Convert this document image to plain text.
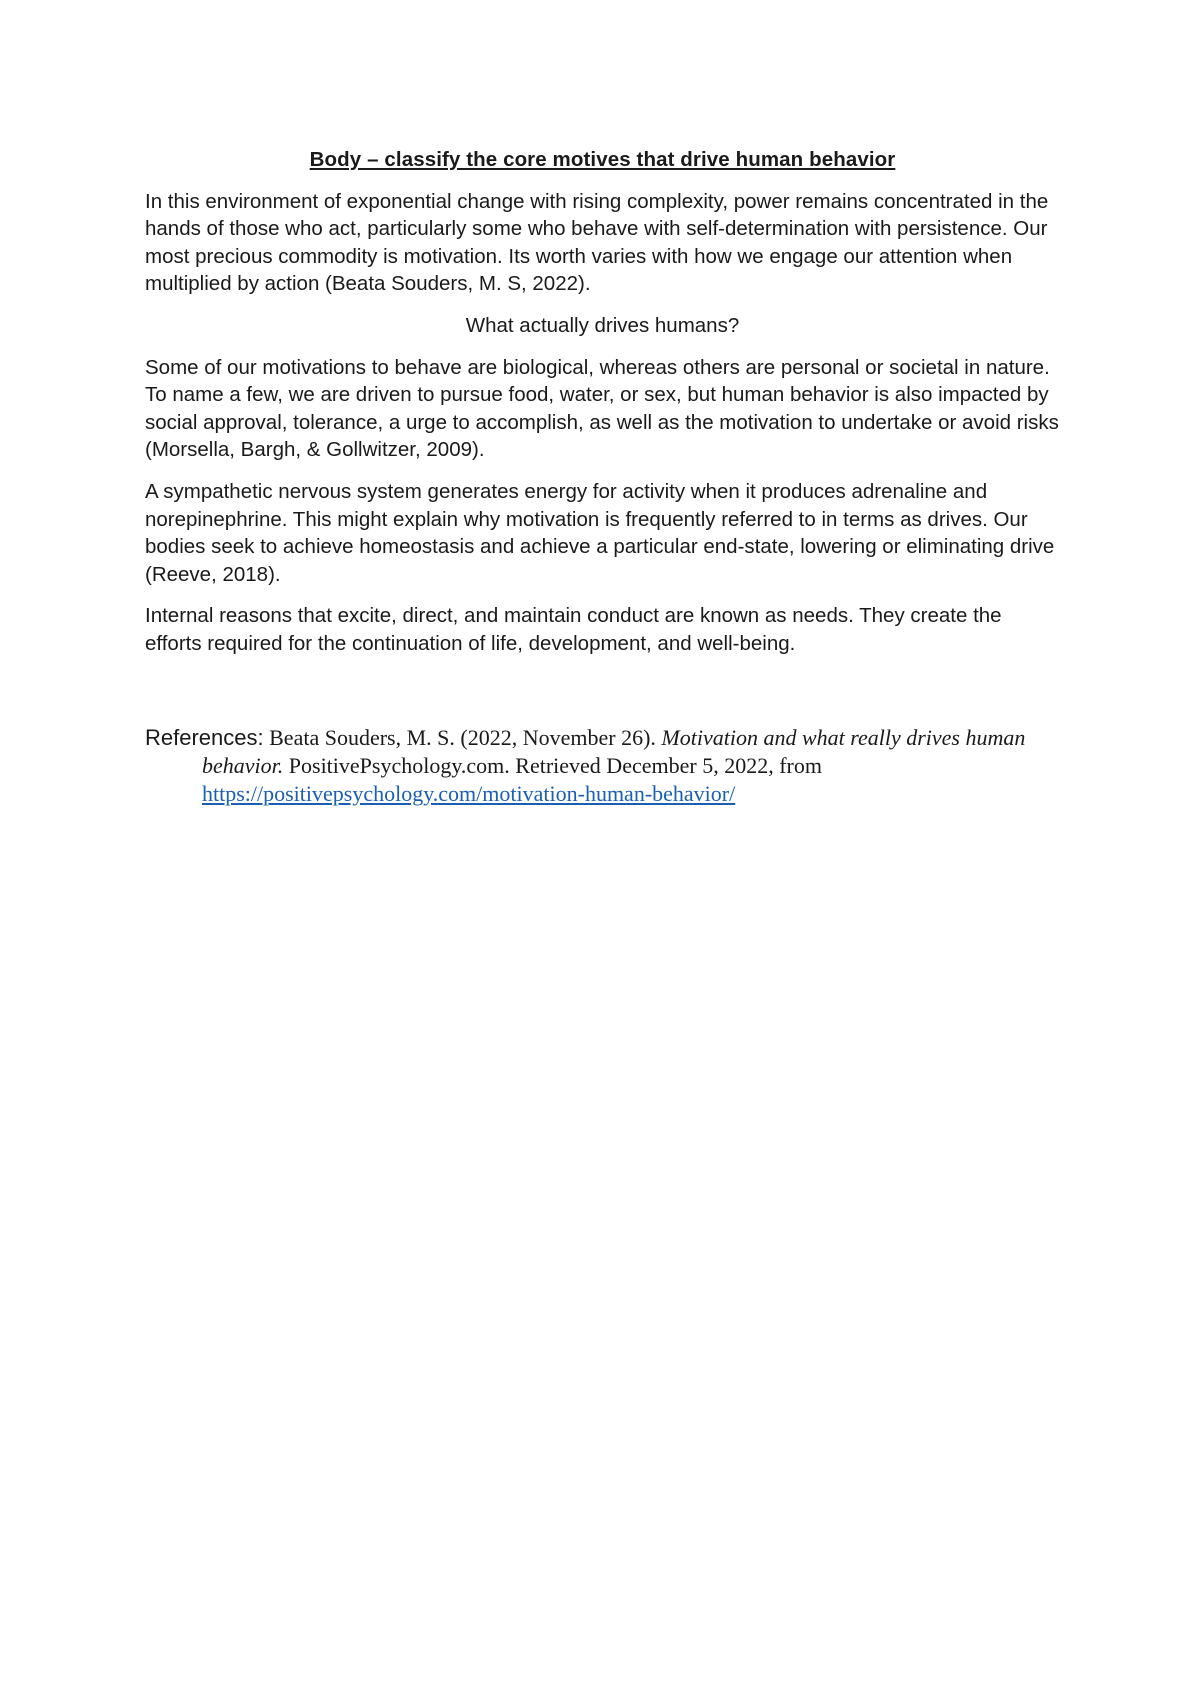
Body – classify the core motives that drive human behavior

In this environment of exponential change with rising complexity, power remains concentrated in the hands of those who act, particularly some who behave with self-determination with persistence. Our most precious commodity is motivation. Its worth varies with how we engage our attention when multiplied by action (Beata Souders, M. S, 2022).

What actually drives humans?

Some of our motivations to behave are biological, whereas others are personal or societal in nature. To name a few, we are driven to pursue food, water, or sex, but human behavior is also impacted by social approval, tolerance, a urge to accomplish, as well as the motivation to undertake or avoid risks (Morsella, Bargh, & Gollwitzer, 2009).

A sympathetic nervous system generates energy for activity when it produces adrenaline and norepinephrine. This might explain why motivation is frequently referred to in terms as drives. Our bodies seek to achieve homeostasis and achieve a particular end-state, lowering or eliminating drive (Reeve, 2018).

Internal reasons that excite, direct, and maintain conduct are known as needs. They create the efforts required for the continuation of life, development, and well-being.

References: Beata Souders, M. S. (2022, November 26). Motivation and what really drives human behavior. PositivePsychology.com. Retrieved December 5, 2022, from https://positivepsychology.com/motivation-human-behavior/
